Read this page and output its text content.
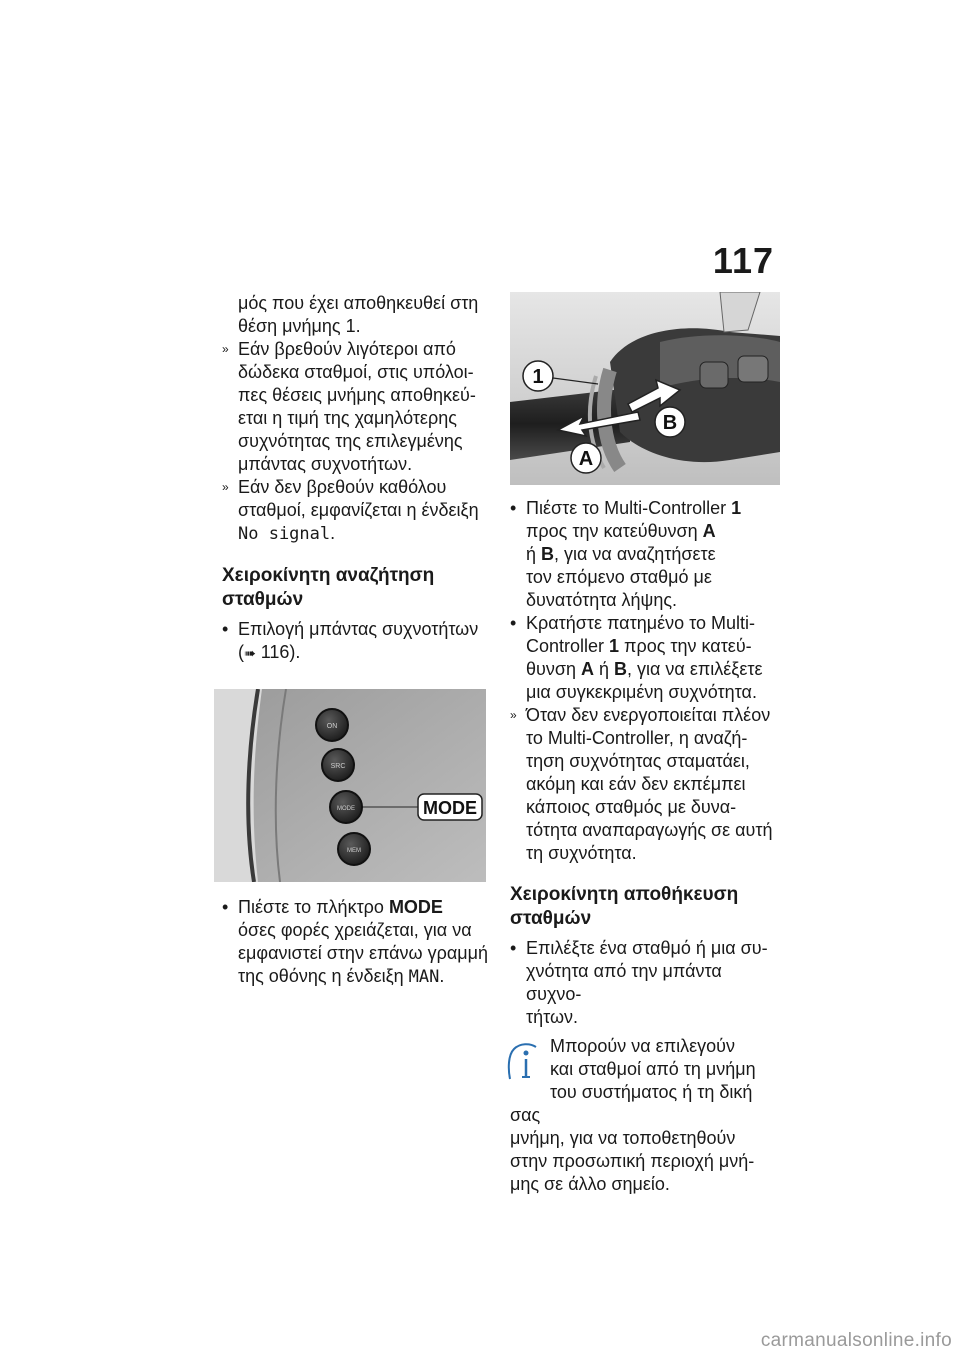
117

μός που έχει αποθηκευθεί στη

θέση μνήμης 1.

» Εάν βρεθούν λιγότεροι από

δώδεκα σταθμοί, στις υπόλοι-

πες θέσεις μνήμης αποθηκεύ-

εται η τιμή της χαμηλότερης

συχνότητας της επιλεγμένης

μπάντας συχνοτήτων.

» Εάν δεν βρεθούν καθόλου

σταθμοί, εμφανίζεται η ένδειξη

No signal.

Χειροκίνητη αναζήτηση
σταθμών
• Επιλογή μπάντας συχνοτήτων

(➠ 116).

ON
SRC
MODE
MEM
MODE
• Πιέστε το πλήκτρο MODE

όσες φορές χρειάζεται, για να

εμφανιστεί στην επάνω γραμμή

της οθόνης η ένδειξη MAN.

1
A
B
• Πιέστε το Multi-Controller 1

προς την κατεύθυνση A

ή B, για να αναζητήσετε

τον επόμενο σταθμό με

δυνατότητα λήψης.

• Κρατήστε πατημένο το Multi-

Controller 1 προς την κατεύ-

θυνση A ή B, για να επιλέξετε

μια συγκεκριμένη συχνότητα.

» Όταν δεν ενεργοποιείται πλέον

το Multi-Controller, η αναζή-

τηση συχνότητας σταματάει,

ακόμη και εάν δεν εκπέμπει

κάποιος σταθμός με δυνα-

τότητα αναπαραγωγής σε αυτή

τη συχνότητα.

Χειροκίνητη αποθήκευση
σταθμών
• Επιλέξτε ένα σταθμό ή μια συ-

χνότητα από την μπάντα συχνο-

τήτων.

Μπορούν να επιλεγούν

και σταθμοί από τη μνήμη

του συστήματος ή τη δική σας

μνήμη, για να τοποθετηθούν

στην προσωπική περιοχή μνή-

μης σε άλλο σημείο.

carmanualsonline.info
